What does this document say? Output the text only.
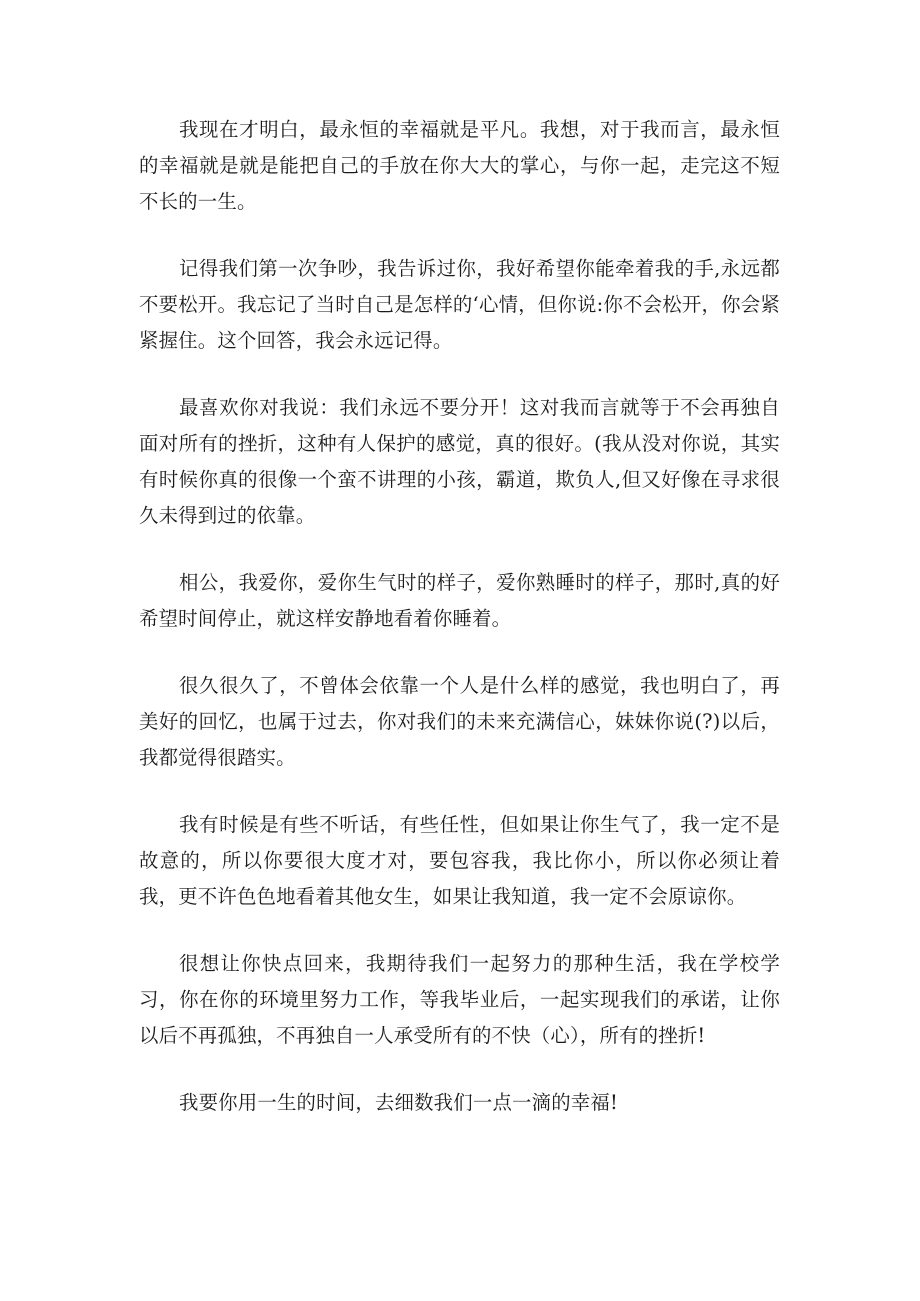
我现在才明白，最永恒的幸福就是平凡。我想，对于我而言，最永恒的幸福就是就是能把自己的手放在你大大的掌心，与你一起，走完这不短不长的一生。

记得我们第一次争吵，我告诉过你，我好希望你能牵着我的手,永远都不要松开。我忘记了当时自己是怎样的‘心情，但你说:你不会松开，你会紧紧握住。这个回答，我会永远记得。

最喜欢你对我说：我们永远不要分开！这对我而言就等于不会再独自面对所有的挫折，这种有人保护的感觉，真的很好。(我从没对你说，其实有时候你真的很像一个蛮不讲理的小孩，霸道，欺负人,但又好像在寻求很久未得到过的依靠。

相公，我爱你，爱你生气时的样子，爱你熟睡时的样子，那时,真的好希望时间停止，就这样安静地看着你睡着。

很久很久了，不曾体会依靠一个人是什么样的感觉，我也明白了，再美好的回忆，也属于过去，你对我们的未来充满信心，妹妹你说(?)以后，我都觉得很踏实。

我有时候是有些不听话，有些任性，但如果让你生气了，我一定不是故意的，所以你要很大度才对，要包容我，我比你小，所以你必须让着我，更不许色色地看着其他女生，如果让我知道，我一定不会原谅你。

很想让你快点回来，我期待我们一起努力的那种生活，我在学校学习，你在你的环境里努力工作，等我毕业后，一起实现我们的承诺，让你以后不再孤独，不再独自一人承受所有的不快（心），所有的挫折!

我要你用一生的时间，去细数我们一点一滴的幸福!
